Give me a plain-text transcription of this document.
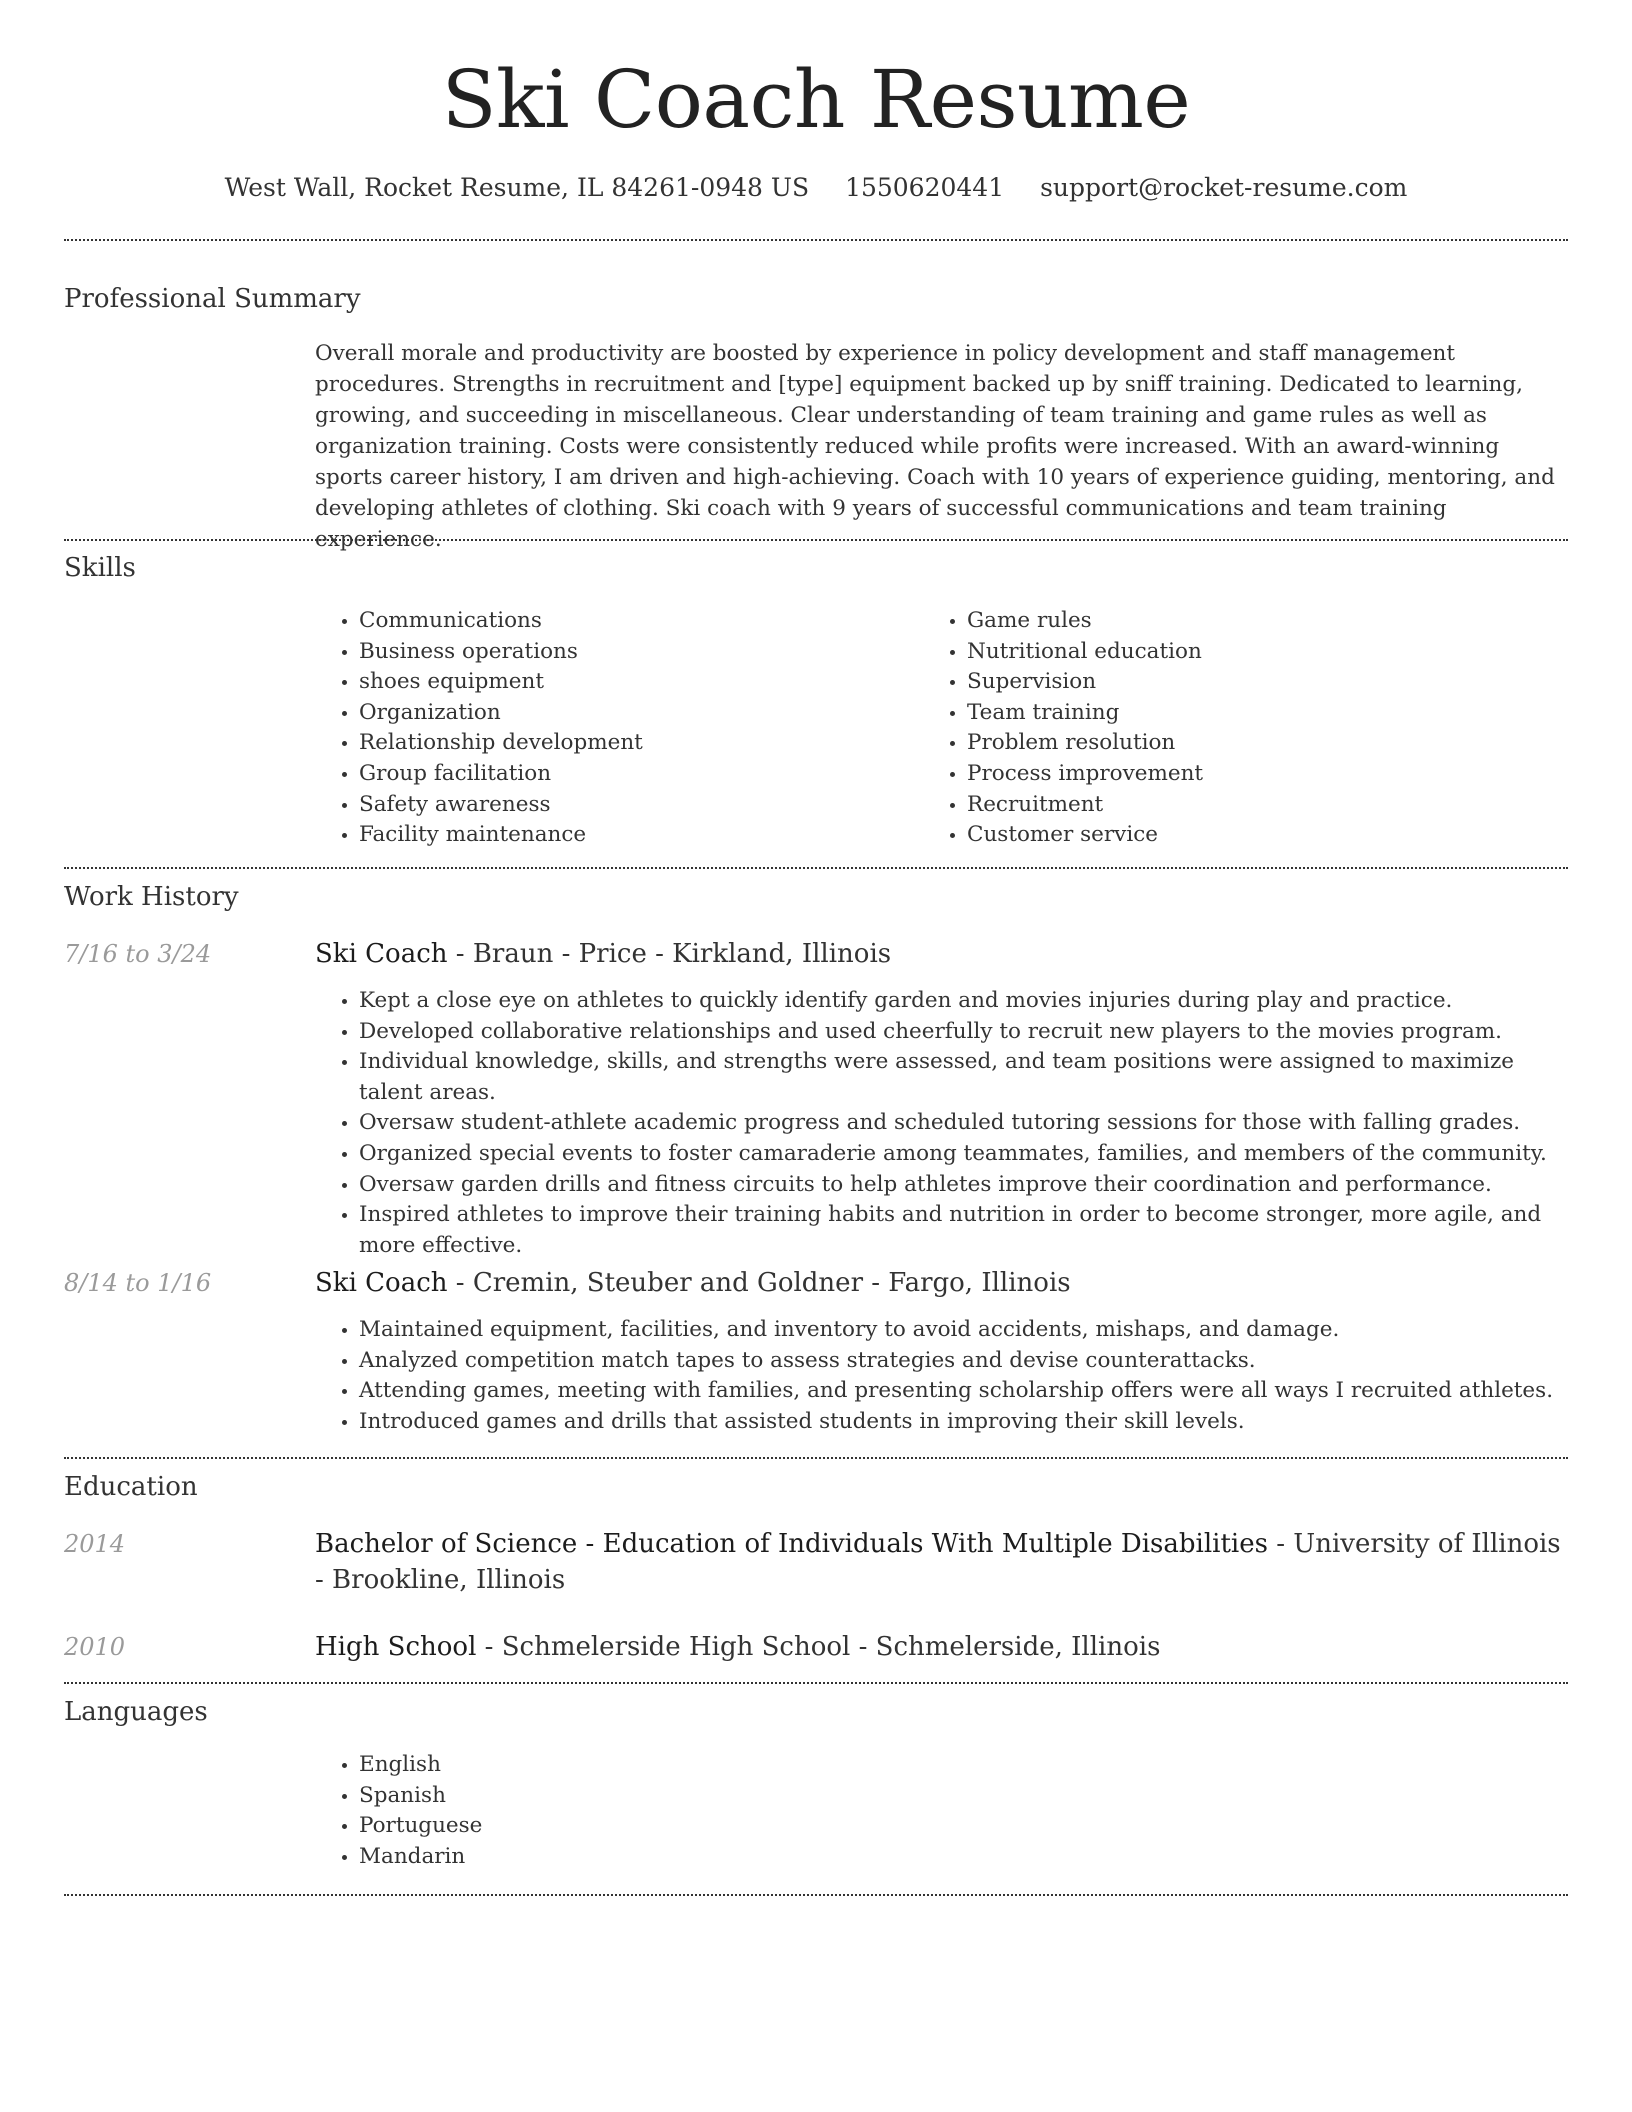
Ski Coach Resume
West Wall, Rocket Resume, IL 84261-0948 US 1550620441 support@rocket-resume.com
Professional Summary

Overall morale and productivity are boosted by experience in policy development and staff management procedures. Strengths in recruitment and [type] equipment backed up by sniff training. Dedicated to learning, growing, and succeeding in miscellaneous. Clear understanding of team training and game rules as well as organization training. Costs were consistently reduced while profits were increased. With an award-winning sports career history, I am driven and high-achieving. Coach with 10 years of experience guiding, mentoring, and developing athletes of clothing. Ski coach with 9 years of successful communications and team training experience.

Skills
• Communications
• Business operations
• shoes equipment
• Organization
• Relationship development
• Group facilitation
• Safety awareness
• Facility maintenance
• Game rules
• Nutritional education
• Supervision
• Team training
• Problem resolution
• Process improvement
• Recruitment
• Customer service
Work History
7/16 to 3/24	Ski Coach - Braun - Price - Kirkland, Illinois
• Kept a close eye on athletes to quickly identify garden and movies injuries during play and practice.
• Developed collaborative relationships and used cheerfully to recruit new players to the movies program.
• Individual knowledge, skills, and strengths were assessed, and team positions were assigned to maximize talent areas.
• Oversaw student-athlete academic progress and scheduled tutoring sessions for those with falling grades.
• Organized special events to foster camaraderie among teammates, families, and members of the community.
• Oversaw garden drills and fitness circuits to help athletes improve their coordination and performance.
• Inspired athletes to improve their training habits and nutrition in order to become stronger, more agile, and more effective.
8/14 to 1/16	Ski Coach - Cremin, Steuber and Goldner - Fargo, Illinois
• Maintained equipment, facilities, and inventory to avoid accidents, mishaps, and damage.
• Analyzed competition match tapes to assess strategies and devise counterattacks.
• Attending games, meeting with families, and presenting scholarship offers were all ways I recruited athletes.
• Introduced games and drills that assisted students in improving their skill levels.
Education
2014	Bachelor of Science - Education of Individuals With Multiple Disabilities - University of Illinois - Brookline, Illinois
2010	High School - Schmelerside High School - Schmelerside, Illinois
Languages
• English
• Spanish
• Portuguese
• Mandarin
